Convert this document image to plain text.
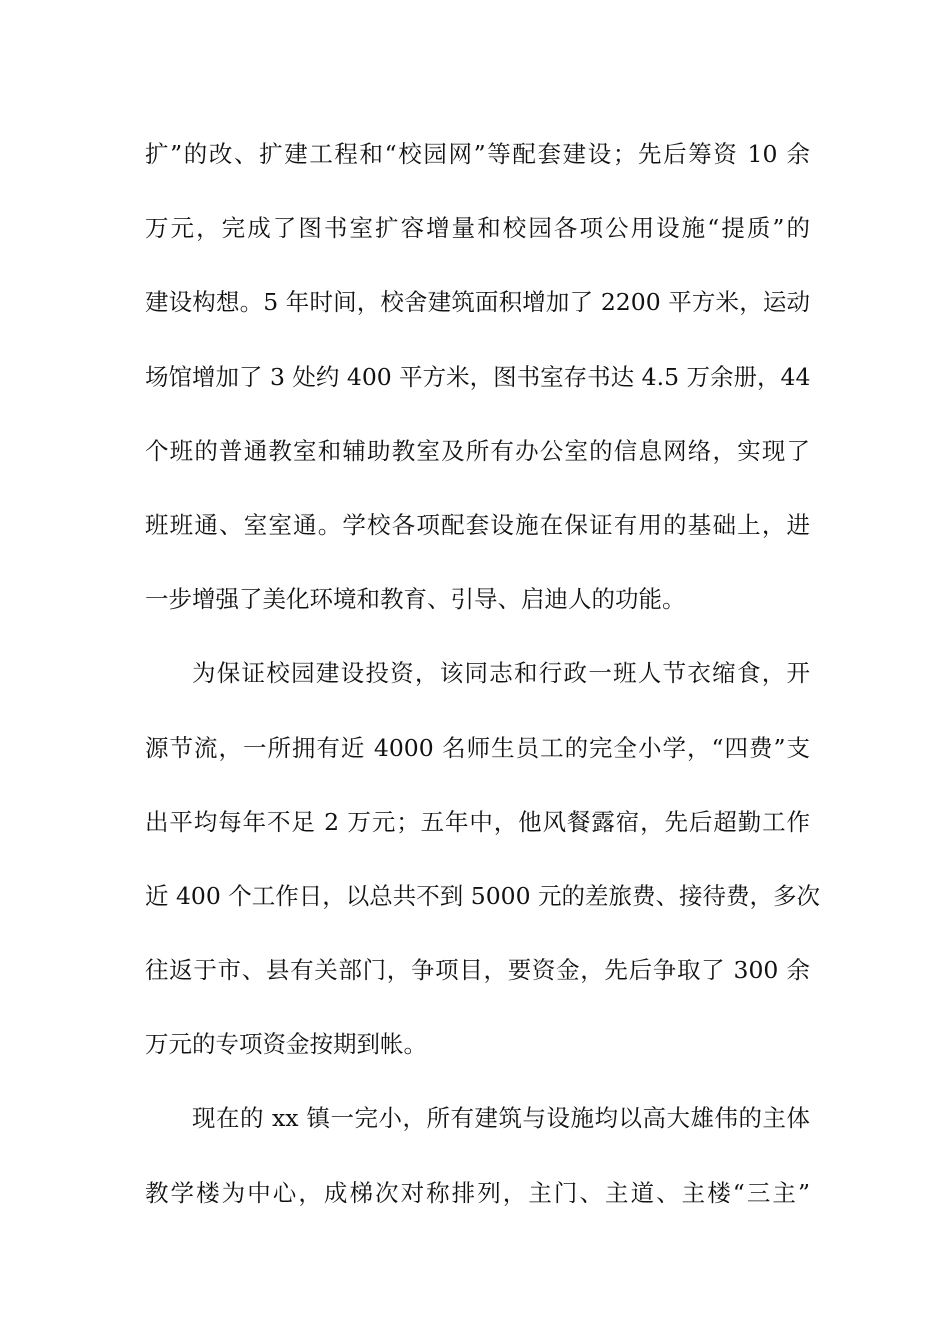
扩”的改、扩建工程和“校园网”等配套建设；先后筹资 10 余
万元，完成了图书室扩容增量和校园各项公用设施“提质”的
建设构想。5 年时间，校舍建筑面积增加了 2200 平方米，运动
场馆增加了 3 处约 400 平方米，图书室存书达 4.5 万余册，44
个班的普通教室和辅助教室及所有办公室的信息网络，实现了
班班通、室室通。学校各项配套设施在保证有用的基础上，进
一步增强了美化环境和教育、引导、启迪人的功能。
为保证校园建设投资，该同志和行政一班人节衣缩食，开
源节流，一所拥有近 4000 名师生员工的完全小学，“四费”支
出平均每年不足 2 万元；五年中，他风餐露宿，先后超勤工作
近 400 个工作日，以总共不到 5000 元的差旅费、接待费，多次
往返于市、县有关部门，争项目，要资金，先后争取了 300 余
万元的专项资金按期到帐。
现在的 xx 镇一完小，所有建筑与设施均以高大雄伟的主体
教学楼为中心，成梯次对称排列，主门、主道、主楼“三主”
